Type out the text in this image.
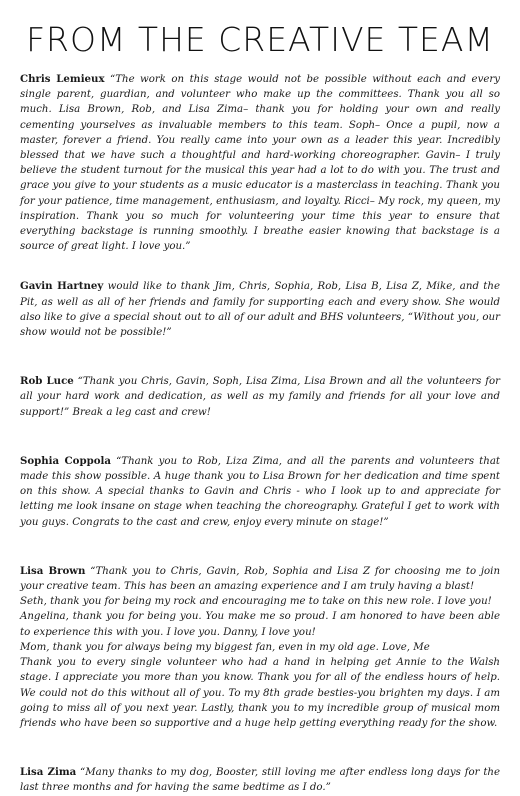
FROM THE CREATIVE TEAM

Chris Lemieux “The work on this stage would not be possible without each and every single parent, guardian, and volunteer who make up the committees. Thank you all so much. Lisa Brown, Rob, and Lisa Zima– thank you for holding your own and really cementing yourselves as invaluable members to this team. Soph– Once a pupil, now a master, forever a friend. You really came into your own as a leader this year. Incredibly blessed that we have such a thoughtful and hard-working choreographer. Gavin– I truly believe the student turnout for the musical this year had a lot to do with you. The trust and grace you give to your students as a music educator is a masterclass in teaching. Thank you for your patience, time management, enthusiasm, and loyalty. Ricci– My rock, my queen, my inspiration. Thank you so much for volunteering your time this year to ensure that everything backstage is running smoothly. I breathe easier knowing that backstage is a source of great light. I love you.”

Gavin Hartney would like to thank Jim, Chris, Sophia, Rob, Lisa B, Lisa Z, Mike, and the Pit, as well as all of her friends and family for supporting each and every show. She would also like to give a special shout out to all of our adult and BHS volunteers, “Without you, our show would not be possible!”

Rob Luce “Thank you Chris, Gavin, Soph, Lisa Zima, Lisa Brown and all the volunteers for all your hard work and dedication, as well as my family and friends for all your love and support!” Break a leg cast and crew!

Sophia Coppola “Thank you to Rob, Liza Zima, and all the parents and volunteers that made this show possible. A huge thank you to Lisa Brown for her dedication and time spent on this show. A special thanks to Gavin and Chris - who I look up to and appreciate for letting me look insane on stage when teaching the choreography. Grateful I get to work with you guys. Congrats to the cast and crew, enjoy every minute on stage!”

Lisa Brown “Thank you to Chris, Gavin, Rob, Sophia and Lisa Z for choosing me to join your creative team. This has been an amazing experience and I am truly having a blast!

Seth, thank you for being my rock and encouraging me to take on this new role. I love you!

Angelina, thank you for being you. You make me so proud. I am honored to have been able to experience this with you. I love you. Danny, I love you!

Mom, thank you for always being my biggest fan, even in my old age. Love, Me

Thank you to every single volunteer who had a hand in helping get Annie to the Walsh stage. I appreciate you more than you know. Thank you for all of the endless hours of help. We could not do this without all of you. To my 8th grade besties-you brighten my days. I am going to miss all of you next year. Lastly, thank you to my incredible group of musical mom friends who have been so supportive and a huge help getting everything ready for the show.

Lisa Zima “Many thanks to my dog, Booster, still loving me after endless long days for the last three months and for having the same bedtime as I do.”
